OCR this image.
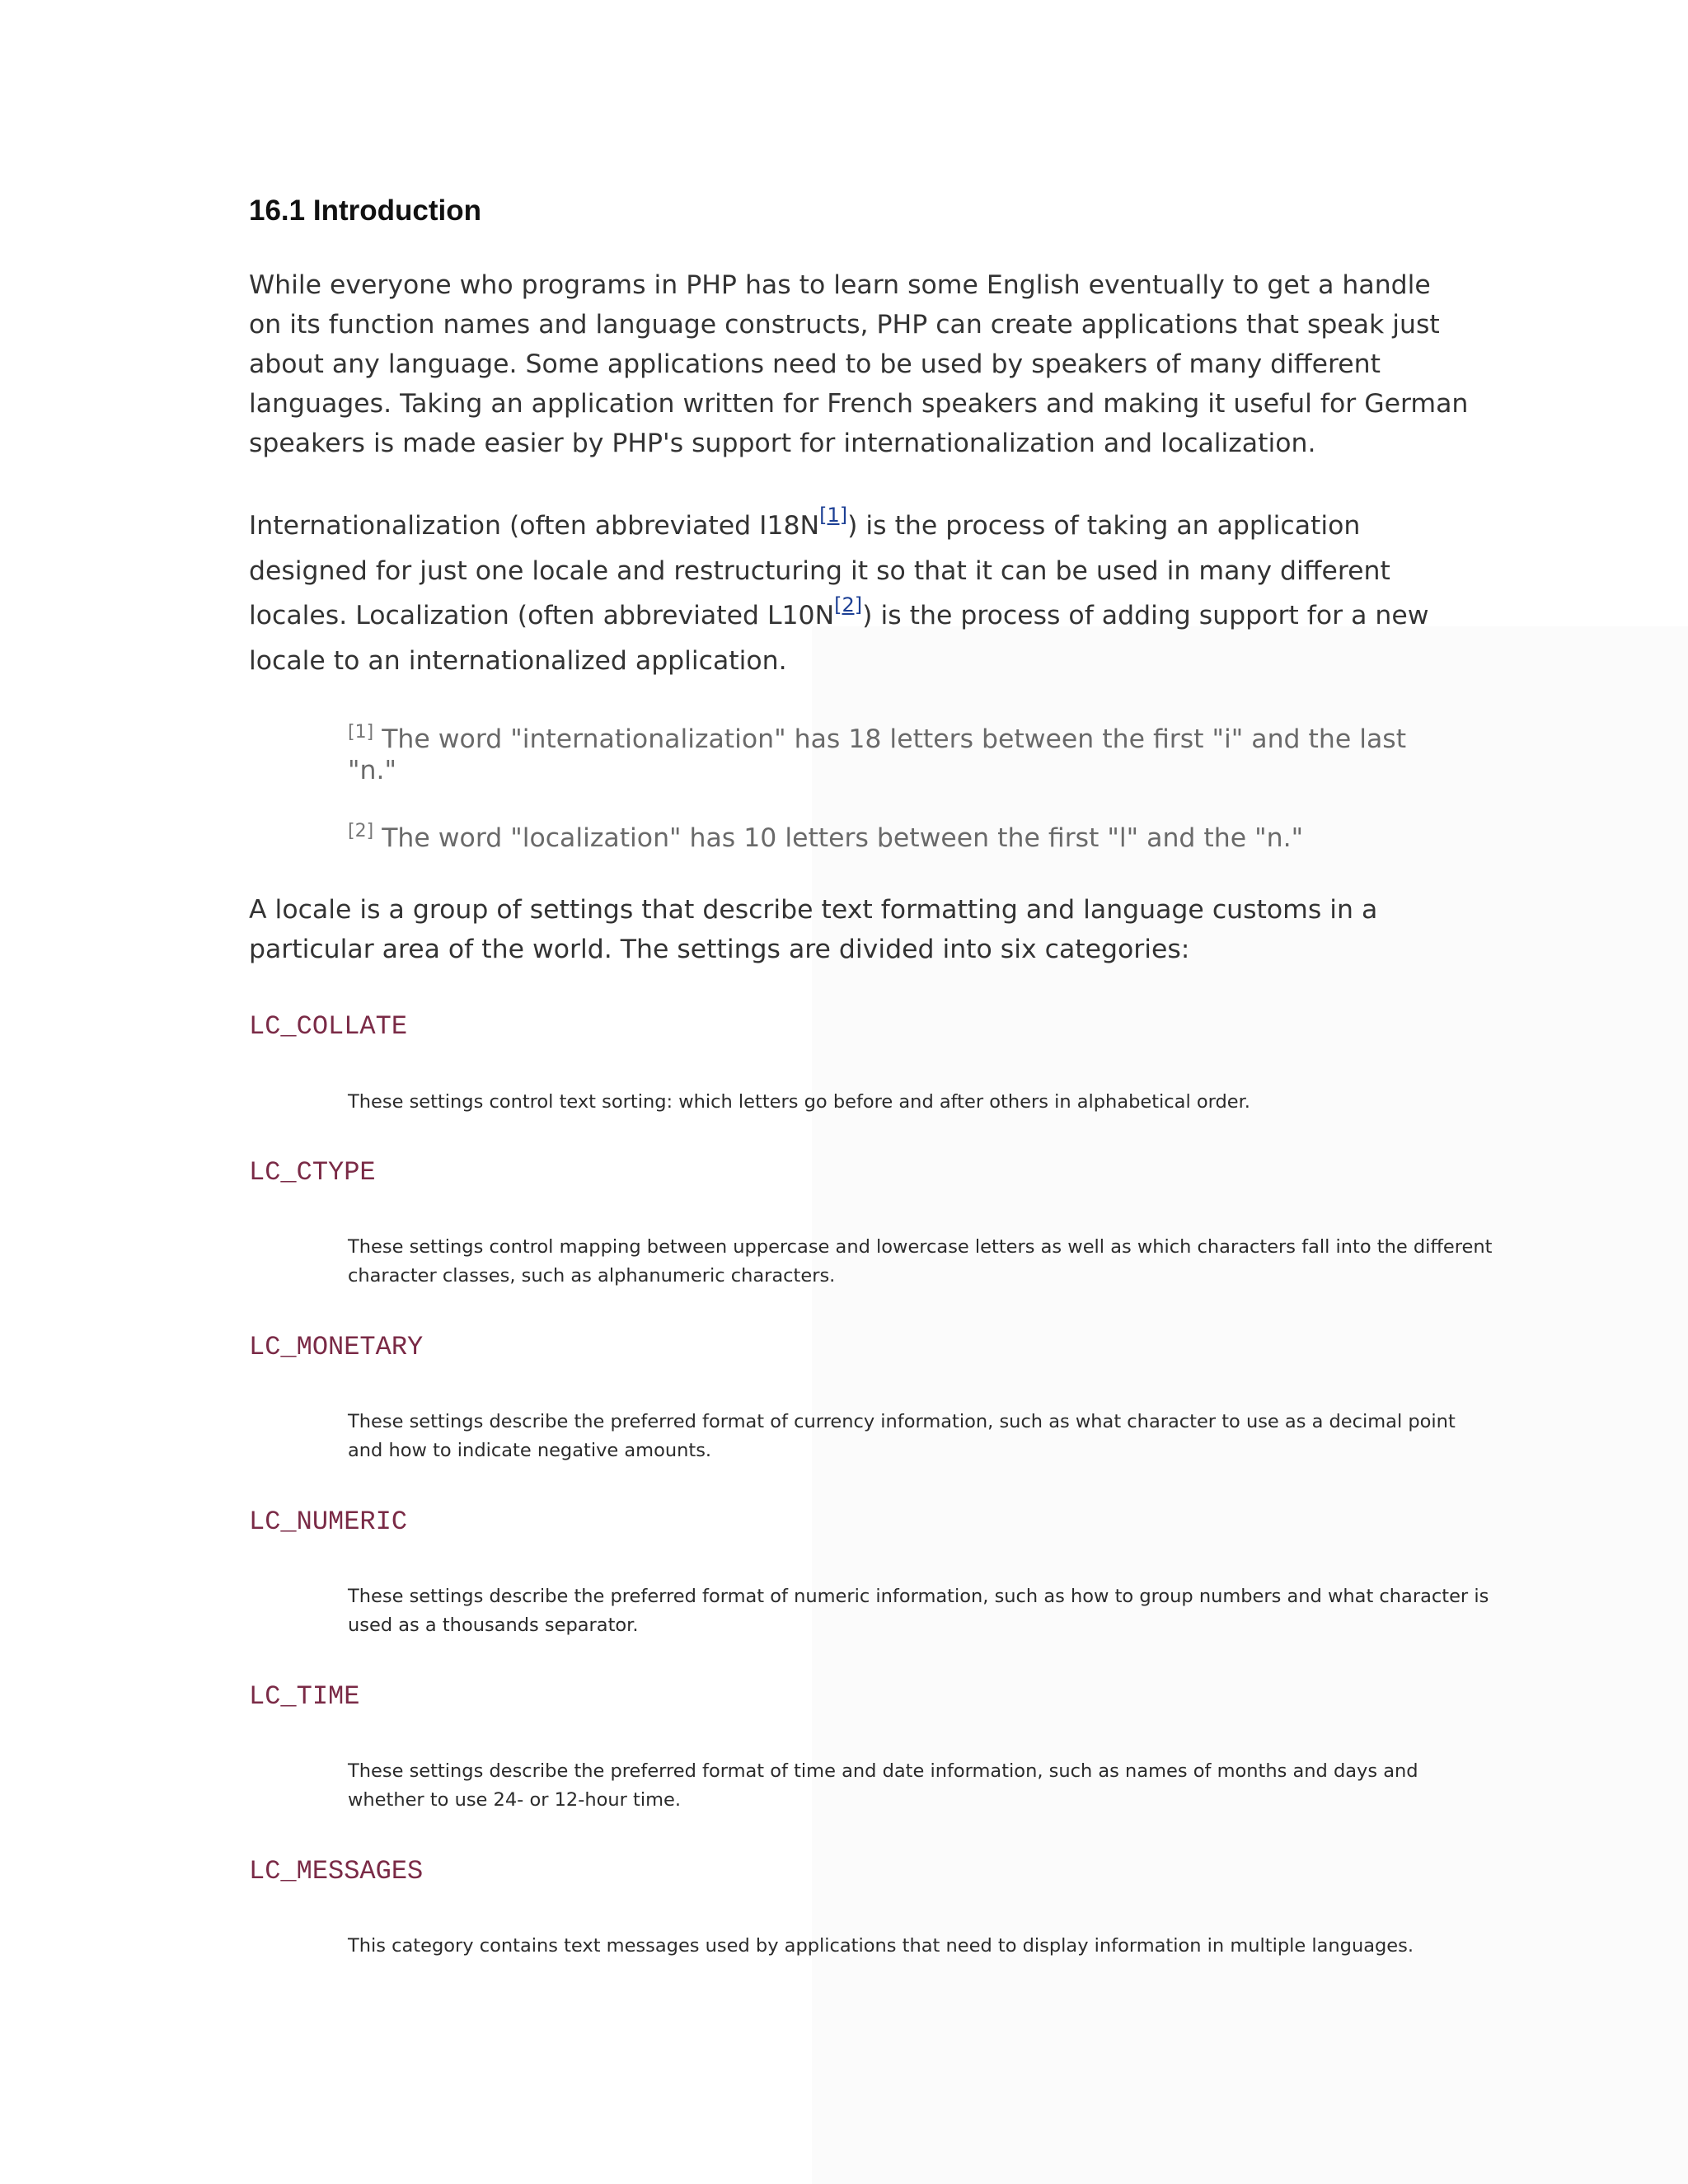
16.1 Introduction

While everyone who programs in PHP has to learn some English eventually to get a handle on its function names and language constructs, PHP can create applications that speak just about any language. Some applications need to be used by speakers of many different languages. Taking an application written for French speakers and making it useful for German speakers is made easier by PHP's support for internationalization and localization.

Internationalization (often abbreviated I18N[1]) is the process of taking an application designed for just one locale and restructuring it so that it can be used in many different locales. Localization (often abbreviated L10N[2]) is the process of adding support for a new locale to an internationalized application.

[1] The word "internationalization" has 18 letters between the first "i" and the last "n."

[2] The word "localization" has 10 letters between the first "l" and the "n."

A locale is a group of settings that describe text formatting and language customs in a particular area of the world. The settings are divided into six categories:

LC_COLLATE

These settings control text sorting: which letters go before and after others in alphabetical order.

LC_CTYPE

These settings control mapping between uppercase and lowercase letters as well as which characters fall into the different character classes, such as alphanumeric characters.

LC_MONETARY

These settings describe the preferred format of currency information, such as what character to use as a decimal point and how to indicate negative amounts.

LC_NUMERIC

These settings describe the preferred format of numeric information, such as how to group numbers and what character is used as a thousands separator.

LC_TIME

These settings describe the preferred format of time and date information, such as names of months and days and whether to use 24- or 12-hour time.

LC_MESSAGES

This category contains text messages used by applications that need to display information in multiple languages.
